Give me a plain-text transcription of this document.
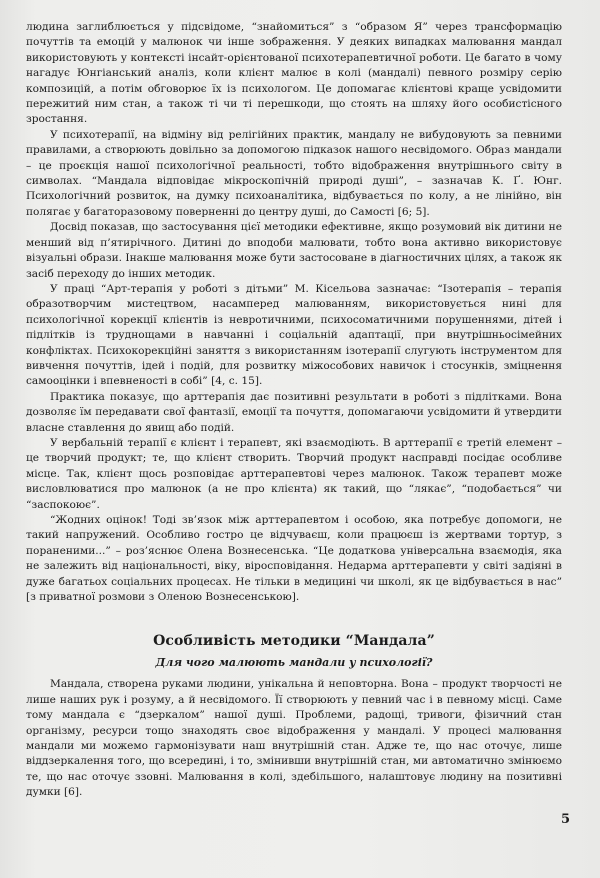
людина заглиблюється у підсвідоме, “знайомиться” з “образом Я” через трансформацію почуттів та емоцій у малюнок чи інше зображення. У деяких випадках малювання мандал використовують у контексті інсайт-орієнтованої психотерапевтичної роботи. Це багато в чому нагадує Юнгіанський аналіз, коли клієнт малює в колі (мандалі) певного розміру серію композицій, а потім обговорює їх із психологом. Це допомагає клієнтові краще усвідомити пережитий ним стан, а також ті чи ті перешкоди, що стоять на шляху його особистісного зростання.

У психотерапії, на відміну від релігійних практик, мандалу не вибудовують за певними правилами, а створюють довільно за допомогою підказок нашого несвідомого. Образ мандали – це проєкція нашої психологічної реальності, тобто відображення внутрішнього світу в символах. “Мандала відповідає мікроскопічній природі душі”, – зазначав К. Ґ. Юнг. Психологічний розвиток, на думку психоаналітика, відбувається по колу, а не лінійно, він полягає у багаторазовому поверненні до центру душі, до Самості [6; 5].

Досвід показав, що застосування цієї методики ефективне, якщо розумовий вік дитини не менший від п’ятирічного. Дитині до вподоби малювати, тобто вона активно використовує візуальні образи. Інакше малювання може бути застосоване в діагностичних цілях, а також як засіб переходу до інших методик.

У праці “Арт-терапія у роботі з дітьми” М. Кісельова зазначає: “Ізотерапія – терапія образотворчим мистецтвом, насамперед малюванням, використовується нині для психологічної корекції клієнтів із невротичними, психосоматичними порушеннями, дітей і підлітків із труднощами в навчанні і соціальній адаптації, при внутрішньосімейних конфліктах. Психокорекційні заняття з використанням ізотерапії слугують інструментом для вивчення почуттів, ідей і подій, для розвитку міжособових навичок і стосунків, зміцнення самооцінки і впевненості в собі” [4, с. 15].

Практика показує, що арттерапія дає позитивні результати в роботі з підлітками. Вона дозволяє їм передавати свої фантазії, емоції та почуття, допомагаючи усвідомити й утвердити власне ставлення до явищ або подій.

У вербальній терапії є клієнт і терапевт, які взаємодіють. В арттерапії є третій елемент – це творчий продукт; те, що клієнт створить. Творчий продукт насправді посідає особливе місце. Так, клієнт щось розповідає арттерапевтові через малюнок. Також терапевт може висловлюватися про малюнок (а не про клієнта) як такий, що “лякає”, “подобається” чи “заспокоює”.

“Жодних оцінок! Тоді зв’язок між арттерапевтом і особою, яка потребує допомоги, не такий напружений. Особливо гостро це відчуваєш, коли працюєш із жертвами тортур, з пораненими...” – роз’яснює Олена Вознесенська. “Це додаткова універсальна взаємодія, яка не залежить від національності, віку, віросповідання. Недарма арттерапевти у світі задіяні в дуже багатьох соціальних процесах. Не тільки в медицині чи школі, як це відбувається в нас” [з приватної розмови з Оленою Вознесенською].

Особливість методики “Мандала”
Для чого малюють мандали у психології?

Мандала, створена руками людини, унікальна й неповторна. Вона – продукт творчості не лише наших рук і розуму, а й несвідомого. Її створюють у певний час і в певному місці. Саме тому мандала є “дзеркалом” нашої душі. Проблеми, радощі, тривоги, фізичний стан організму, ресурси тощо знаходять своє відображення у мандалі. У процесі малювання мандали ми можемо гармонізувати наш внутрішній стан. Адже те, що нас оточує, лише віддзеркалення того, що всередині, і то, змінивши внутрішній стан, ми автоматично змінюємо те, що нас оточує ззовні. Малювання в колі, здебільшого, налаштовує людину на позитивні думки [6].

5
